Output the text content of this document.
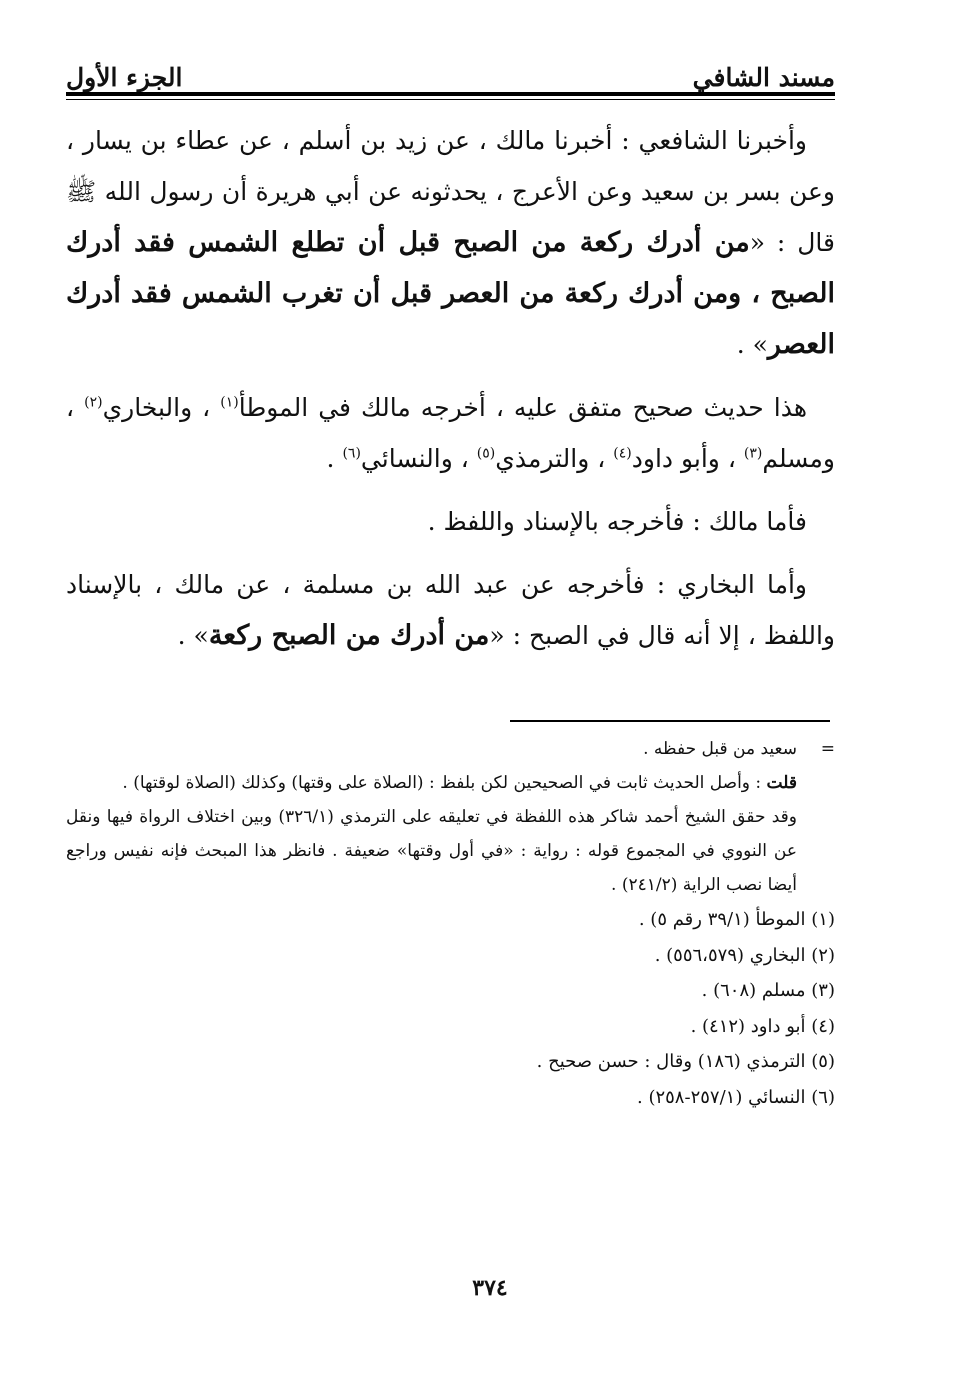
مسند الشافي
الجزء الأول

وأخبرنا الشافعي : أخبرنا مالك ، عن زيد بن أسلم ، عن عطاء بن يسار ، وعن بسر بن سعيد وعن الأعرج ، يحدثونه عن أبي هريرة أن رسول الله ﷺ قال : «من أدرك ركعة من الصبح قبل أن تطلع الشمس فقد أدرك الصبح ، ومن أدرك ركعة من العصر قبل أن تغرب الشمس فقد أدرك العصر» .

هذا حديث صحيح متفق عليه ، أخرجه مالك في الموطأ$^{(١)}$ ، والبخاري$^{(٢)}$ ، ومسلم$^{(٣)}$ ، وأبو داود$^{(٤)}$ ، والترمذي$^{(٥)}$ ، والنسائي$^{(٦)}$ .

فأما مالك : فأخرجه بالإسناد واللفظ .

وأما البخاري : فأخرجه عن عبد الله بن مسلمة ، عن مالك ، بالإسناد واللفظ ، إلا أنه قال في الصبح : «من أدرك من الصبح ركعة» .

=

سعيد من قبل حفظه .

قلت : وأصل الحديث ثابت في الصحيحين لكن بلفظ : (الصلاة على وقتها) وكذلك (الصلاة لوقتها) .

وقد حقق الشيخ أحمد شاكر هذه اللفظة في تعليقه على الترمذي (٣٢٦/١) وبين اختلاف الرواة فيها ونقل عن النووي في المجموع قوله : رواية : «في أول وقتها» ضعيفة . فانظر هذا المبحث فإنه نفيس وراجع أيضا نصب الراية (٢٤١/٢) .

(١) الموطأ (٣٩/١ رقم ٥) .
(٢) البخاري (٥٥٦،٥٧٩) .
(٣) مسلم (٦٠٨) .
(٤) أبو داود (٤١٢) .
(٥) الترمذي (١٨٦) وقال : حسن صحيح .
(٦) النسائي (٢٥٧/١-٢٥٨) .
٣٧٤
